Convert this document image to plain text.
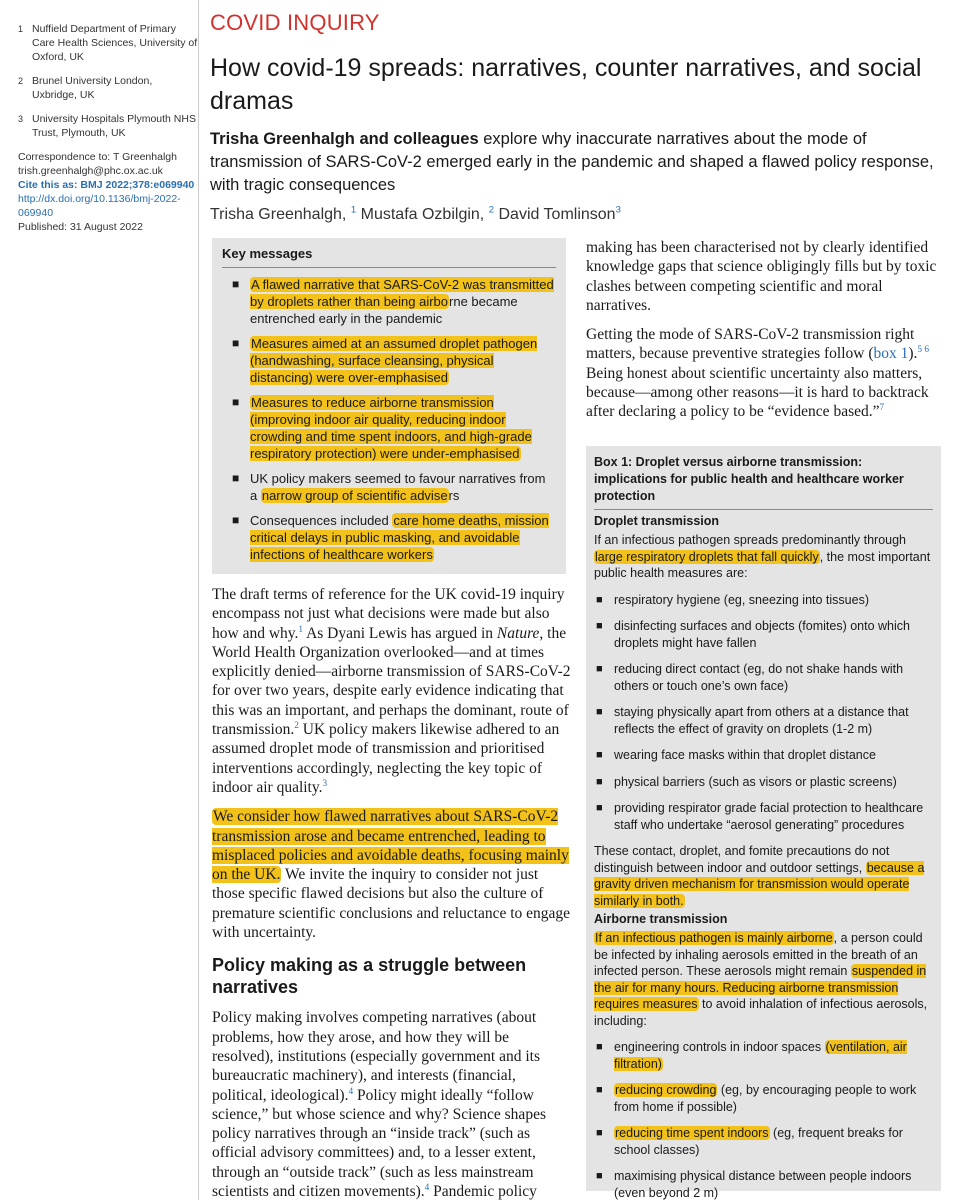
1 Nuffield Department of Primary Care Health Sciences, University of Oxford, UK
2 Brunel University London, Uxbridge, UK
3 University Hospitals Plymouth NHS Trust, Plymouth, UK
Correspondence to: T Greenhalgh
trish.greenhalgh@phc.ox.ac.uk
Cite this as: BMJ 2022;378:e069940
http://dx.doi.org/10.1136/bmj-2022-069940
Published: 31 August 2022
COVID INQUIRY
How covid-19 spreads: narratives, counter narratives, and social dramas
Trisha Greenhalgh and colleagues explore why inaccurate narratives about the mode of transmission of SARS-CoV-2 emerged early in the pandemic and shaped a flawed policy response, with tragic consequences
Trisha Greenhalgh, $^1$ Mustafa Ozbilgin, $^2$ David Tomlinson$^3$
Key messages
■ A flawed narrative that SARS-CoV-2 was transmitted by droplets rather than being airborne became entrenched early in the pandemic
■ Measures aimed at an assumed droplet pathogen (handwashing, surface cleansing, physical distancing) were over-emphasised
■ Measures to reduce airborne transmission (improving indoor air quality, reducing indoor crowding and time spent indoors, and high-grade respiratory protection) were under-emphasised
■ UK policy makers seemed to favour narratives from a narrow group of scientific advisers
■ Consequences included care home deaths, mission critical delays in public masking, and avoidable infections of healthcare workers

The draft terms of reference for the UK covid-19 inquiry encompass not just what decisions were made but also how and why.$^1$ As Dyani Lewis has argued in Nature, the World Health Organization overlooked—and at times explicitly denied—airborne transmission of SARS-CoV-2 for over two years, despite early evidence indicating that this was an important, and perhaps the dominant, route of transmission.$^2$ UK policy makers likewise adhered to an assumed droplet mode of transmission and prioritised interventions accordingly, neglecting the key topic of indoor air quality.$^3$

We consider how flawed narratives about SARS-CoV-2 transmission arose and became entrenched, leading to misplaced policies and avoidable deaths, focusing mainly on the UK. We invite the inquiry to consider not just those specific flawed decisions but also the culture of premature scientific conclusions and reluctance to engage with uncertainty.

Policy making as a struggle between narratives

Policy making involves competing narratives (about problems, how they arose, and how they will be resolved), institutions (especially government and its bureaucratic machinery), and interests (financial, political, ideological).$^4$ Policy might ideally “follow science,” but whose science and why? Science shapes policy narratives through an “inside track” (such as official advisory committees) and, to a lesser extent, through an “outside track” (such as less mainstream scientists and citizen movements).$^4$ Pandemic policy

making has been characterised not by clearly identified knowledge gaps that science obligingly fills but by toxic clashes between competing scientific and moral narratives.

Getting the mode of SARS-CoV-2 transmission right matters, because preventive strategies follow (box 1).$^{5 6}$ Being honest about scientific uncertainty also matters, because—among other reasons—it is hard to backtrack after declaring a policy to be “evidence based.”$^7$

Box 1: Droplet versus airborne transmission: implications for public health and healthcare worker protection
Droplet transmission
If an infectious pathogen spreads predominantly through large respiratory droplets that fall quickly, the most important public health measures are:
■ respiratory hygiene (eg, sneezing into tissues)
■ disinfecting surfaces and objects (fomites) onto which droplets might have fallen
■ reducing direct contact (eg, do not shake hands with others or touch one’s own face)
■ staying physically apart from others at a distance that reflects the effect of gravity on droplets (1-2 m)
■ wearing face masks within that droplet distance
■ physical barriers (such as visors or plastic screens)
■ providing respirator grade facial protection to healthcare staff who undertake “aerosol generating” procedures
These contact, droplet, and fomite precautions do not distinguish between indoor and outdoor settings, because a gravity driven mechanism for transmission would operate similarly in both.
Airborne transmission
If an infectious pathogen is mainly airborne, a person could be infected by inhaling aerosols emitted in the breath of an infected person. These aerosols might remain suspended in the air for many hours. Reducing airborne transmission requires measures to avoid inhalation of infectious aerosols, including:
■ engineering controls in indoor spaces (ventilation, air filtration)
■ reducing crowding (eg, by encouraging people to work from home if possible)
■ reducing time spent indoors (eg, frequent breaks for school classes)
■ maximising physical distance between people indoors (even beyond 2 m)
